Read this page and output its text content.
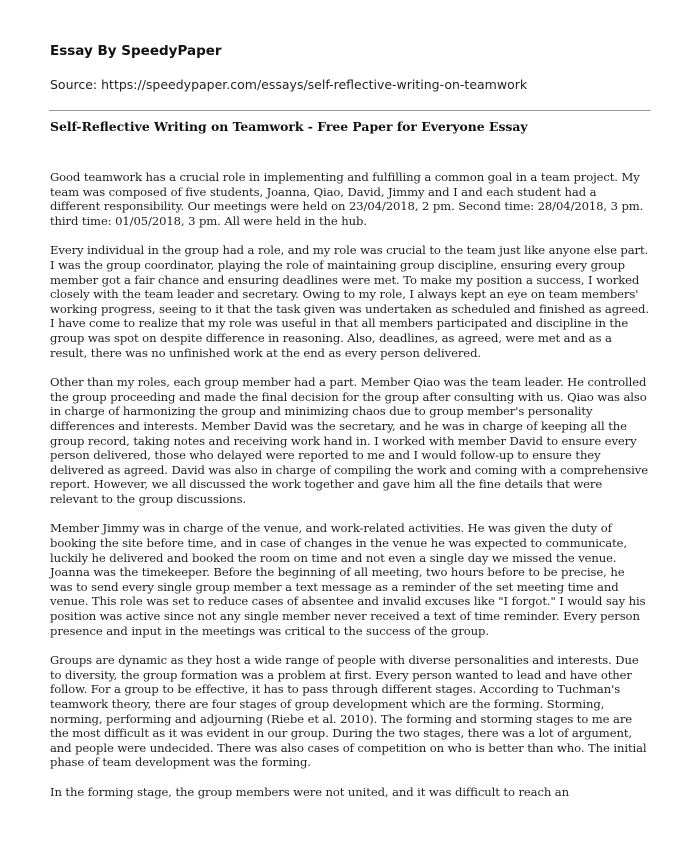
Essay By SpeedyPaper

Source: https://speedypaper.com/essays/self-reflective-writing-on-teamwork

Self-Reflective Writing on Teamwork - Free Paper for Everyone Essay

Good teamwork has a crucial role in implementing and fulfilling a common goal in a team project. My team was composed of five students, Joanna, Qiao, David, Jimmy and I and each student had a different responsibility. Our meetings were held on 23/04/2018, 2 pm. Second time: 28/04/2018, 3 pm. third time: 01/05/2018, 3 pm. All were held in the hub.

Every individual in the group had a role, and my role was crucial to the team just like anyone else part. I was the group coordinator, playing the role of maintaining group discipline, ensuring every group member got a fair chance and ensuring deadlines were met. To make my position a success, I worked closely with the team leader and secretary. Owing to my role, I always kept an eye on team members' working progress, seeing to it that the task given was undertaken as scheduled and finished as agreed. I have come to realize that my role was useful in that all members participated and discipline in the group was spot on despite difference in reasoning. Also, deadlines, as agreed, were met and as a result, there was no unfinished work at the end as every person delivered.

Other than my roles, each group member had a part. Member Qiao was the team leader. He controlled the group proceeding and made the final decision for the group after consulting with us. Qiao was also in charge of harmonizing the group and minimizing chaos due to group member's personality differences and interests. Member David was the secretary, and he was in charge of keeping all the group record, taking notes and receiving work hand in. I worked with member David to ensure every person delivered, those who delayed were reported to me and I would follow-up to ensure they delivered as agreed. David was also in charge of compiling the work and coming with a comprehensive report. However, we all discussed the work together and gave him all the fine details that were relevant to the group discussions.

Member Jimmy was in charge of the venue, and work-related activities. He was given the duty of booking the site before time, and in case of changes in the venue he was expected to communicate, luckily he delivered and booked the room on time and not even a single day we missed the venue. Joanna was the timekeeper. Before the beginning of all meeting, two hours before to be precise, he was to send every single group member a text message as a reminder of the set meeting time and venue. This role was set to reduce cases of absentee and invalid excuses like "I forgot." I would say his position was active since not any single member never received a text of time reminder. Every person presence and input in the meetings was critical to the success of the group.

Groups are dynamic as they host a wide range of people with diverse personalities and interests. Due to diversity, the group formation was a problem at first. Every person wanted to lead and have other follow. For a group to be effective, it has to pass through different stages. According to Tuchman's teamwork theory, there are four stages of group development which are the forming. Storming, norming, performing and adjourning (Riebe et al. 2010). The forming and storming stages to me are the most difficult as it was evident in our group. During the two stages, there was a lot of argument, and people were undecided. There was also cases of competition on who is better than who. The initial phase of team development was the forming.

In the forming stage, the group members were not united, and it was difficult to reach an
